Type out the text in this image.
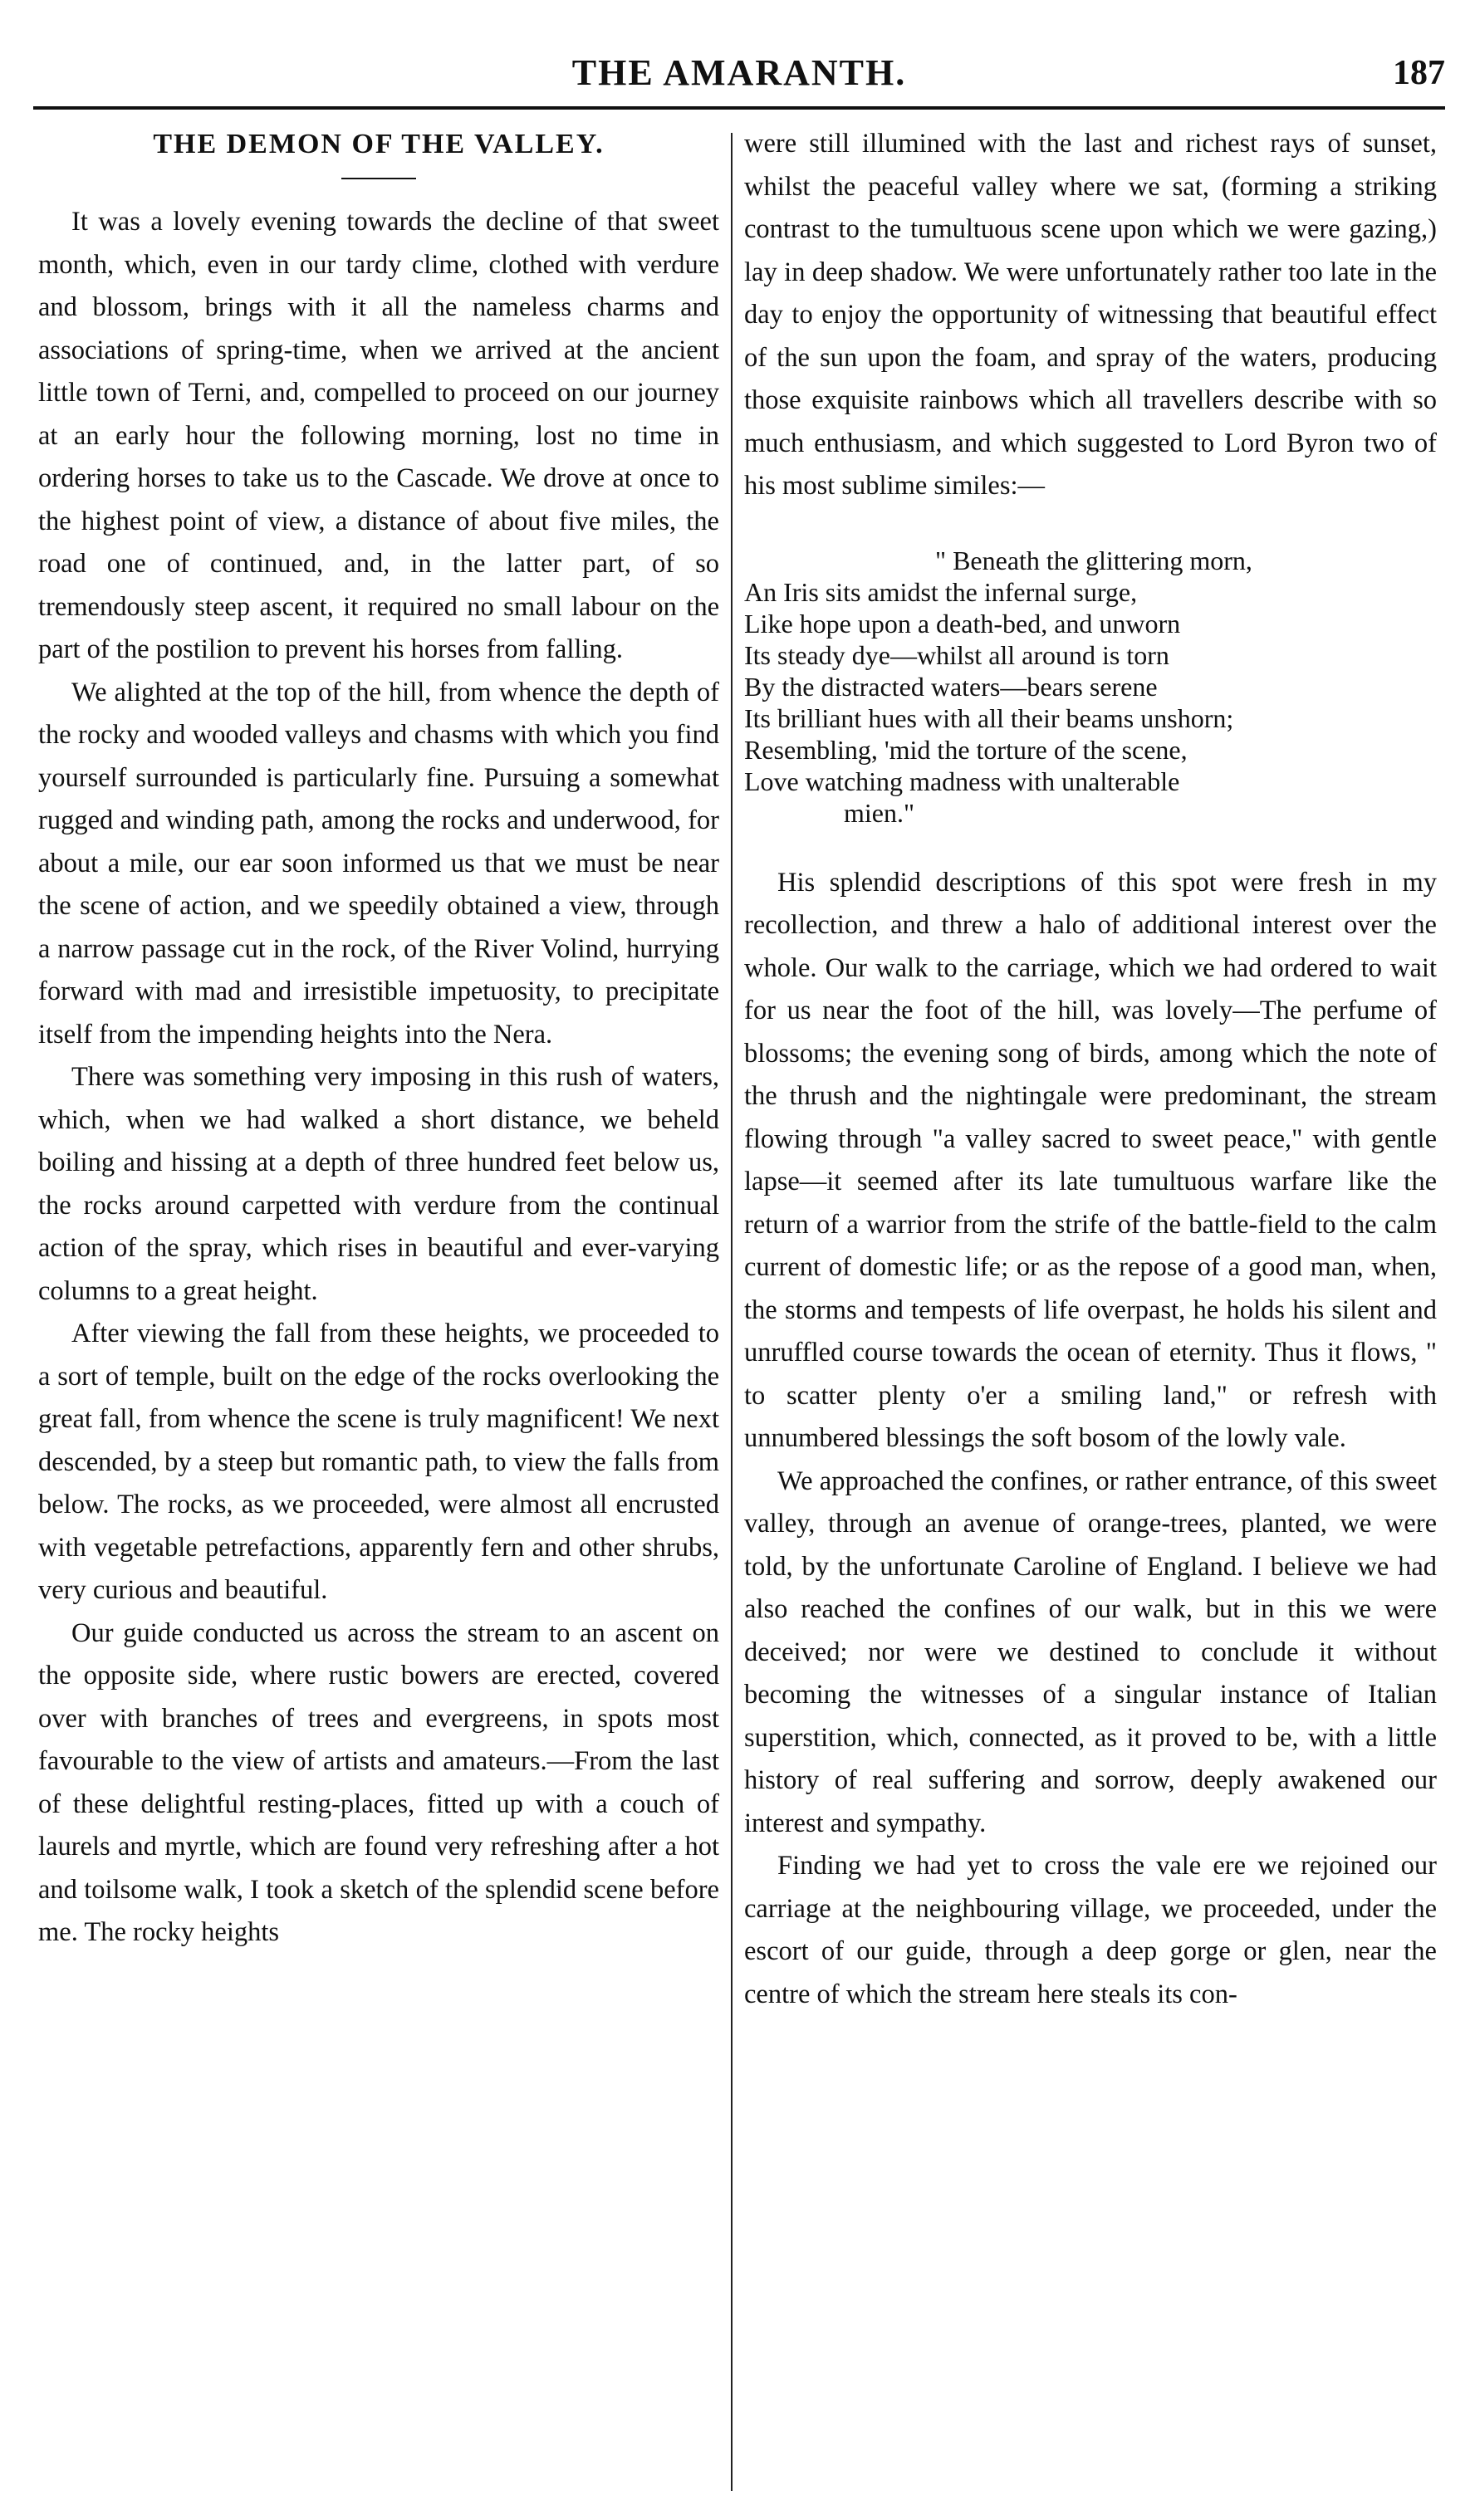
THE AMARANTH.	187
THE DEMON OF THE VALLEY.

It was a lovely evening towards the decline of that sweet month, which, even in our tardy clime, clothed with verdure and blossom, brings with it all the nameless charms and associations of spring-time, when we arrived at the ancient little town of Terni, and, compelled to proceed on our journey at an early hour the following morning, lost no time in ordering horses to take us to the Cascade. We drove at once to the highest point of view, a distance of about five miles, the road one of continued, and, in the latter part, of so tremendously steep ascent, it required no small labour on the part of the postilion to prevent his horses from falling.

We alighted at the top of the hill, from whence the depth of the rocky and wooded valleys and chasms with which you find yourself surrounded is particularly fine. Pursuing a somewhat rugged and winding path, among the rocks and underwood, for about a mile, our ear soon informed us that we must be near the scene of action, and we speedily obtained a view, through a narrow passage cut in the rock, of the River Volind, hurrying forward with mad and irresistible impetuosity, to precipitate itself from the impending heights into the Nera.

There was something very imposing in this rush of waters, which, when we had walked a short distance, we beheld boiling and hissing at a depth of three hundred feet below us, the rocks around carpetted with verdure from the continual action of the spray, which rises in beautiful and ever-varying columns to a great height.

After viewing the fall from these heights, we proceeded to a sort of temple, built on the edge of the rocks overlooking the great fall, from whence the scene is truly magnificent! We next descended, by a steep but romantic path, to view the falls from below. The rocks, as we proceeded, were almost all encrusted with vegetable petrefactions, apparently fern and other shrubs, very curious and beautiful.

Our guide conducted us across the stream to an ascent on the opposite side, where rustic bowers are erected, covered over with branches of trees and evergreens, in spots most favourable to the view of artists and amateurs.—From the last of these delightful resting-places, fitted up with a couch of laurels and myrtle, which are found very refreshing after a hot and toilsome walk, I took a sketch of the splendid scene before me. The rocky heights

were still illumined with the last and richest rays of sunset, whilst the peaceful valley where we sat, (forming a striking contrast to the tumultuous scene upon which we were gazing,) lay in deep shadow. We were unfortunately rather too late in the day to enjoy the opportunity of witnessing that beautiful effect of the sun upon the foam, and spray of the waters, producing those exquisite rainbows which all travellers describe with so much enthusiasm, and which suggested to Lord Byron two of his most sublime similes:—

" Beneath the glittering morn,
An Iris sits amidst the infernal surge,
Like hope upon a death-bed, and unworn
Its steady dye—whilst all around is torn
By the distracted waters—bears serene
Its brilliant hues with all their beams unshorn;
Resembling, 'mid the torture of the scene,
Love watching madness with unalterable
mien."

His splendid descriptions of this spot were fresh in my recollection, and threw a halo of additional interest over the whole. Our walk to the carriage, which we had ordered to wait for us near the foot of the hill, was lovely—The perfume of blossoms; the evening song of birds, among which the note of the thrush and the nightingale were predominant, the stream flowing through "a valley sacred to sweet peace," with gentle lapse—it seemed after its late tumultuous warfare like the return of a warrior from the strife of the battle-field to the calm current of domestic life; or as the repose of a good man, when, the storms and tempests of life overpast, he holds his silent and unruffled course towards the ocean of eternity. Thus it flows, " to scatter plenty o'er a smiling land," or refresh with unnumbered blessings the soft bosom of the lowly vale.

We approached the confines, or rather entrance, of this sweet valley, through an avenue of orange-trees, planted, we were told, by the unfortunate Caroline of England. I believe we had also reached the confines of our walk, but in this we were deceived; nor were we destined to conclude it without becoming the witnesses of a singular instance of Italian superstition, which, connected, as it proved to be, with a little history of real suffering and sorrow, deeply awakened our interest and sympathy.

Finding we had yet to cross the vale ere we rejoined our carriage at the neighbouring village, we proceeded, under the escort of our guide, through a deep gorge or glen, near the centre of which the stream here steals its con-
